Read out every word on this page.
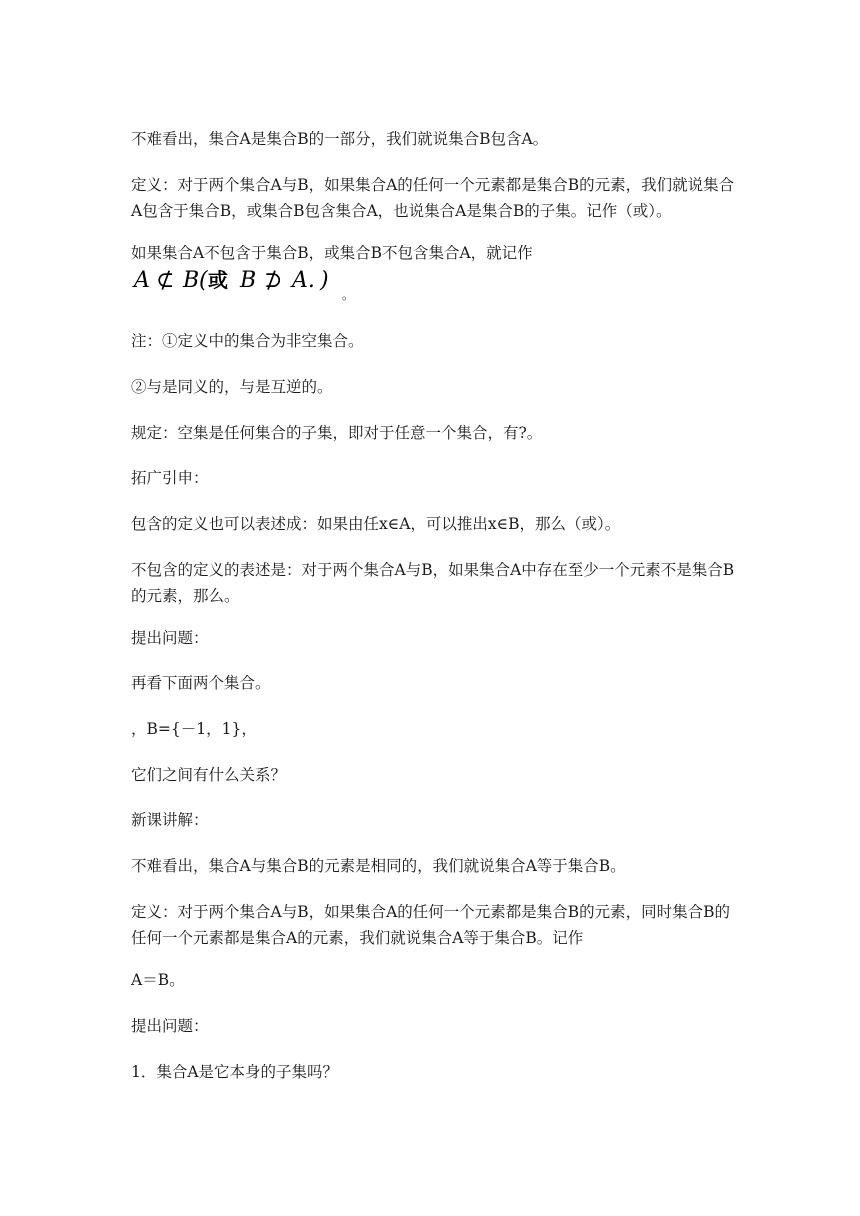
不难看出，集合A是集合B的一部分，我们就说集合B包含A。

定义：对于两个集合A与B，如果集合A的任何一个元素都是集合B的元素，我们就说集合A包含于集合B，或集合B包含集合A，也说集合A是集合B的子集。记作（或）。

如果集合A不包含于集合B，或集合B不包含集合A，就记作

A ⊄ B ( 或 B ⊅ A. )
。

注：①定义中的集合为非空集合。

②与是同义的，与是互逆的。

规定：空集是任何集合的子集，即对于任意一个集合，有?。

拓广引申：

包含的定义也可以表述成：如果由任x∈A，可以推出x∈B，那么（或）。

不包含的定义的表述是：对于两个集合A与B，如果集合A中存在至少一个元素不是集合B的元素，那么。

提出问题：

再看下面两个集合。

，B={－1，1}，

它们之间有什么关系？

新课讲解：

不难看出，集合A与集合B的元素是相同的，我们就说集合A等于集合B。

定义：对于两个集合A与B，如果集合A的任何一个元素都是集合B的元素，同时集合B的任何一个元素都是集合A的元素，我们就说集合A等于集合B。记作

A＝B。

提出问题：

1．集合A是它本身的子集吗？
